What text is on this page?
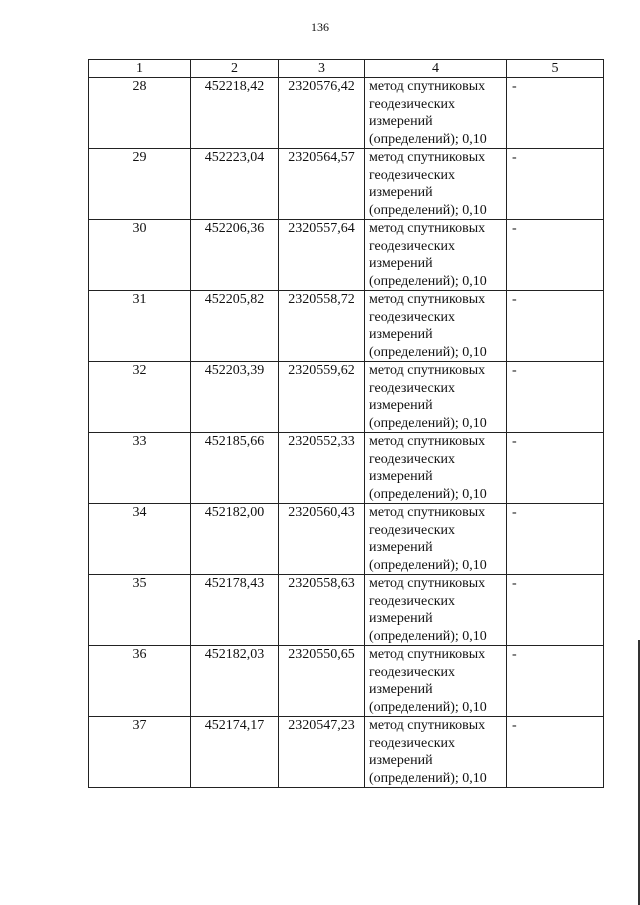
136
1	2	3	4	5
28	452218,42	2320576,42	метод спутниковых
геодезических
измерений
(определений); 0,10	-
29	452223,04	2320564,57	метод спутниковых
геодезических
измерений
(определений); 0,10	-
30	452206,36	2320557,64	метод спутниковых
геодезических
измерений
(определений); 0,10	-
31	452205,82	2320558,72	метод спутниковых
геодезических
измерений
(определений); 0,10	-
32	452203,39	2320559,62	метод спутниковых
геодезических
измерений
(определений); 0,10	-
33	452185,66	2320552,33	метод спутниковых
геодезических
измерений
(определений); 0,10	-
34	452182,00	2320560,43	метод спутниковых
геодезических
измерений
(определений); 0,10	-
35	452178,43	2320558,63	метод спутниковых
геодезических
измерений
(определений); 0,10	-
36	452182,03	2320550,65	метод спутниковых
геодезических
измерений
(определений); 0,10	-
37	452174,17	2320547,23	метод спутниковых
геодезических
измерений
(определений); 0,10	-
